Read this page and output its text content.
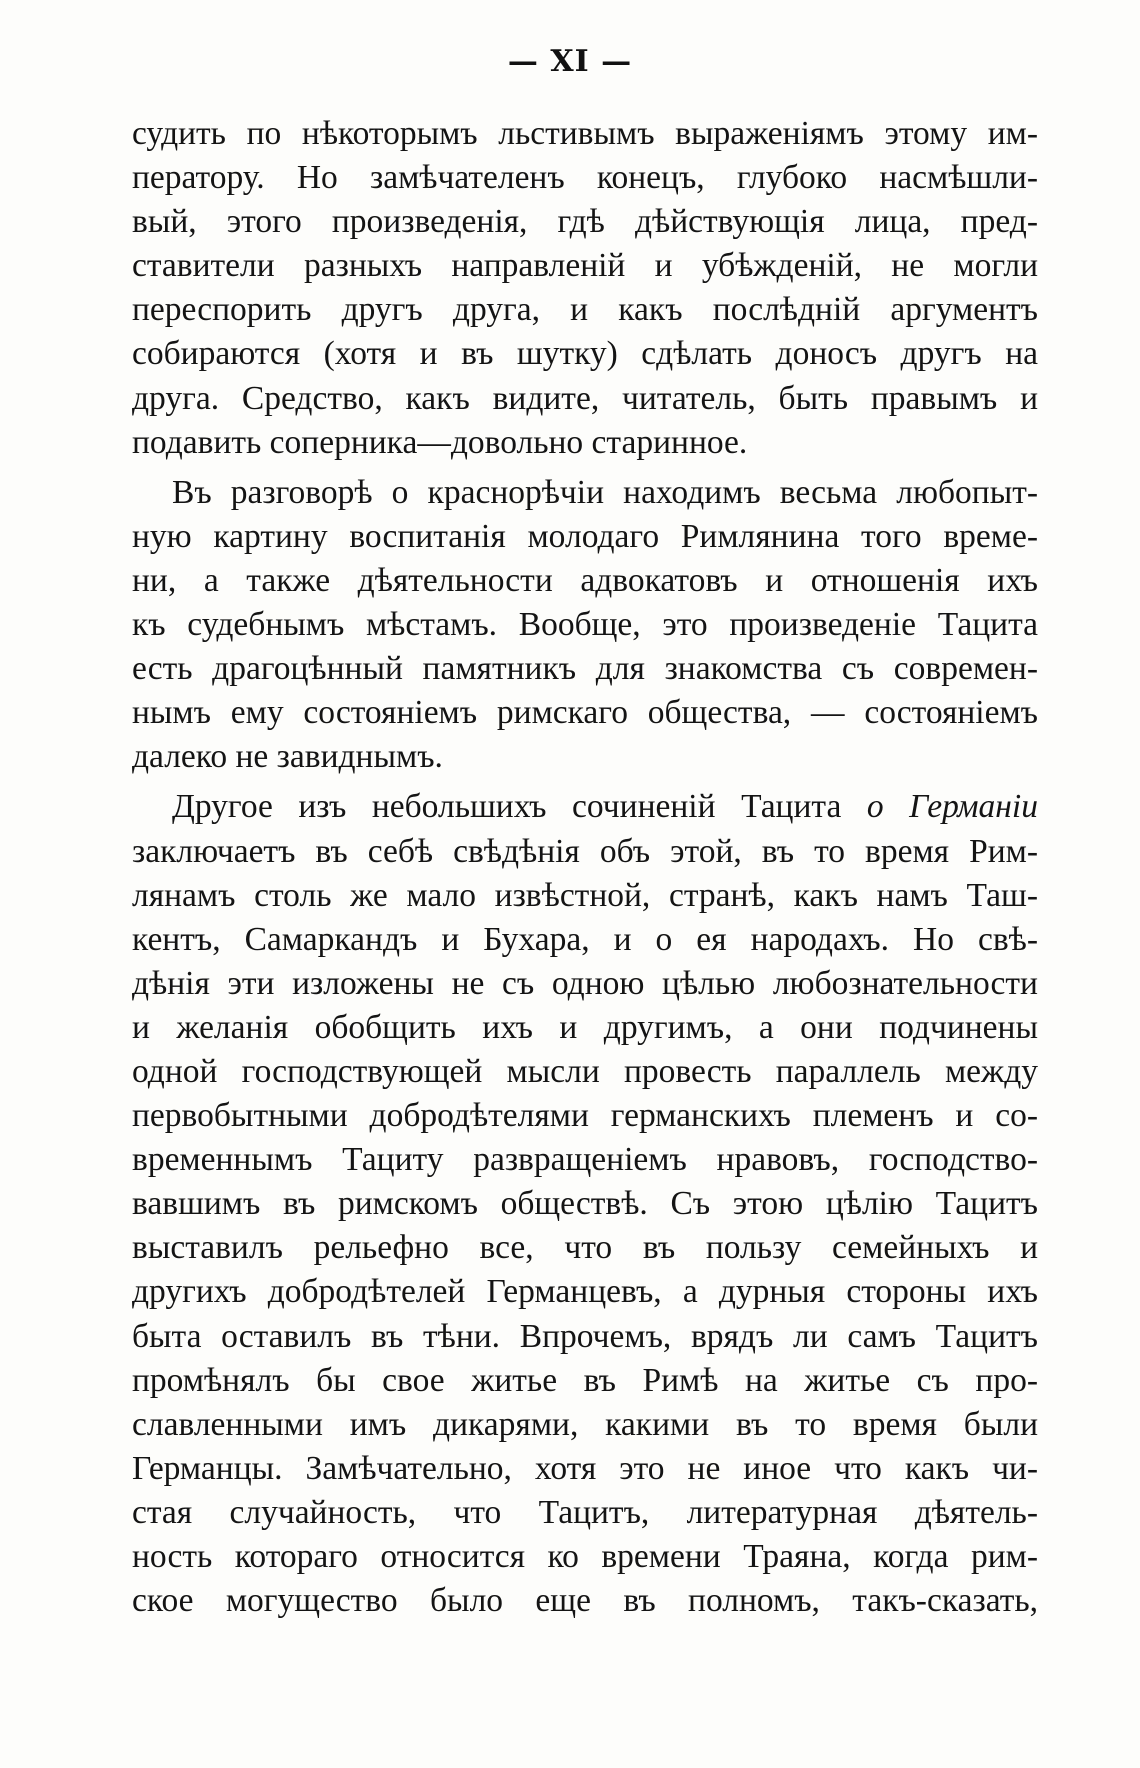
— XI —
судить по нѣкоторымъ льстивымъ выраженіямъ этому им-
ператору. Но замѣчателенъ конецъ, глубоко насмѣшли-
вый, этого произведенія, гдѣ дѣйствующія лица, пред-
ставители разныхъ направленій и убѣжденій, не могли
переспорить другъ друга, и какъ послѣдній аргументъ
собираются (хотя и въ шутку) сдѣлать доносъ другъ на
друга. Средство, какъ видите, читатель, быть правымъ и
подавить соперника—довольно старинное.
Въ разговорѣ о краснорѣчіи находимъ весьма любопыт-
ную картину воспитанія молодаго Римлянина того време-
ни, а также дѣятельности адвокатовъ и отношенія ихъ
къ судебнымъ мѣстамъ. Вообще, это произведеніе Тацита
есть драгоцѣнный памятникъ для знакомства съ современ-
нымъ ему состояніемъ римскаго общества, — состояніемъ
далеко не завиднымъ.
Другое изъ небольшихъ сочиненій Тацита о Германіи
заключаетъ въ себѣ свѣдѣнія объ этой, въ то время Рим-
лянамъ столь же мало извѣстной, странѣ, какъ намъ Таш-
кентъ, Самаркандъ и Бухара, и о ея народахъ. Но свѣ-
дѣнія эти изложены не съ одною цѣлью любознательности
и желанія обобщить ихъ и другимъ, а они подчинены
одной господствующей мысли провесть параллель между
первобытными добродѣтелями германскихъ племенъ и со-
временнымъ Тациту развращеніемъ нравовъ, господство-
вавшимъ въ римскомъ обществѣ. Съ этою цѣлію Тацитъ
выставилъ рельефно все, что въ пользу семейныхъ и
другихъ добродѣтелей Германцевъ, а дурныя стороны ихъ
быта оставилъ въ тѣни. Впрочемъ, врядъ ли самъ Тацитъ
промѣнялъ бы свое житье въ Римѣ на житье съ про-
славленными имъ дикарями, какими въ то время были
Германцы. Замѣчательно, хотя это не иное что какъ чи-
стая случайность, что Тацитъ, литературная дѣятель-
ность котораго относится ко времени Траяна, когда рим-
ское могущество было еще въ полномъ, такъ-сказать,
